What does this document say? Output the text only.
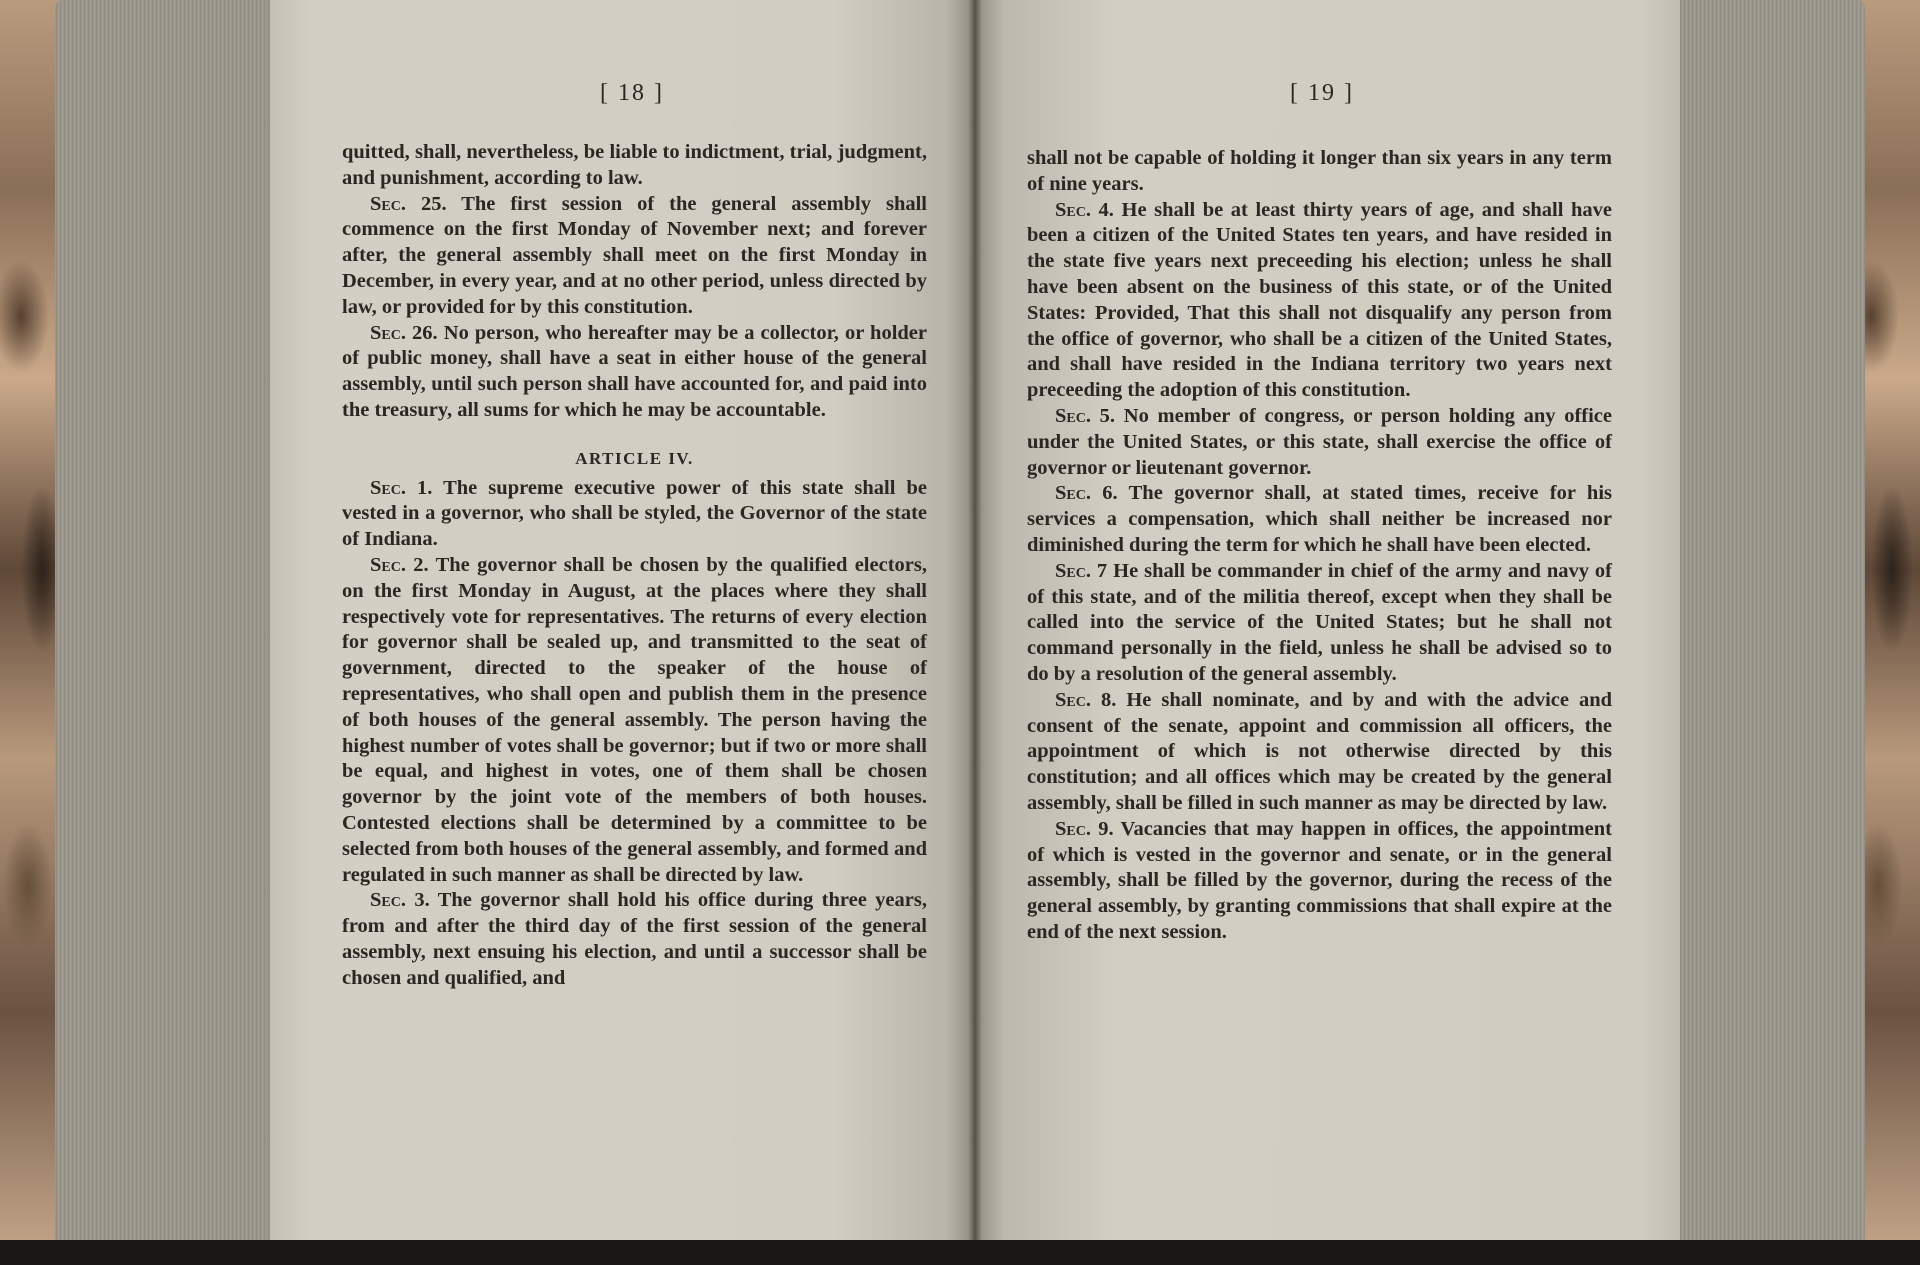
[ 18 ]

quitted, shall, nevertheless, be liable to indictment, trial, judgment, and punishment, according to law.

Sec. 25. The first session of the general assembly shall commence on the first Monday of November next; and forever after, the general assembly shall meet on the first Monday in December, in every year, and at no other period, unless directed by law, or provided for by this constitution.

Sec. 26. No person, who hereafter may be a collector, or holder of public money, shall have a seat in either house of the general assembly, until such person shall have accounted for, and paid into the treasury, all sums for which he may be accountable.

ARTICLE IV.

Sec. 1. The supreme executive power of this state shall be vested in a governor, who shall be styled, the Governor of the state of Indiana.

Sec. 2. The governor shall be chosen by the qualified electors, on the first Monday in August, at the places where they shall respectively vote for representatives. The returns of every election for governor shall be sealed up, and transmitted to the seat of government, directed to the speaker of the house of representatives, who shall open and publish them in the presence of both houses of the general assembly. The person having the highest number of votes shall be governor; but if two or more shall be equal, and highest in votes, one of them shall be chosen governor by the joint vote of the members of both houses. Contested elections shall be determined by a committee to be selected from both houses of the general assembly, and formed and regulated in such manner as shall be directed by law.

Sec. 3. The governor shall hold his office during three years, from and after the third day of the first session of the general assembly, next ensuing his election, and until a successor shall be chosen and qualified, and

[ 19 ]

shall not be capable of holding it longer than six years in any term of nine years.

Sec. 4. He shall be at least thirty years of age, and shall have been a citizen of the United States ten years, and have resided in the state five years next preceeding his election; unless he shall have been absent on the business of this state, or of the United States: Provided, That this shall not disqualify any person from the office of governor, who shall be a citizen of the United States, and shall have resided in the Indiana territory two years next preceeding the adoption of this constitution.

Sec. 5. No member of congress, or person holding any office under the United States, or this state, shall exercise the office of governor or lieutenant governor.

Sec. 6. The governor shall, at stated times, receive for his services a compensation, which shall neither be increased nor diminished during the term for which he shall have been elected.

Sec. 7 He shall be commander in chief of the army and navy of of this state, and of the militia thereof, except when they shall be called into the service of the United States; but he shall not command personally in the field, unless he shall be advised so to do by a resolution of the general assembly.

Sec. 8. He shall nominate, and by and with the advice and consent of the senate, appoint and commission all officers, the appointment of which is not otherwise directed by this constitution; and all offices which may be created by the general assembly, shall be filled in such manner as may be directed by law.

Sec. 9. Vacancies that may happen in offices, the appointment of which is vested in the governor and senate, or in the general assembly, shall be filled by the governor, during the recess of the general assembly, by granting commissions that shall expire at the end of the next session.
